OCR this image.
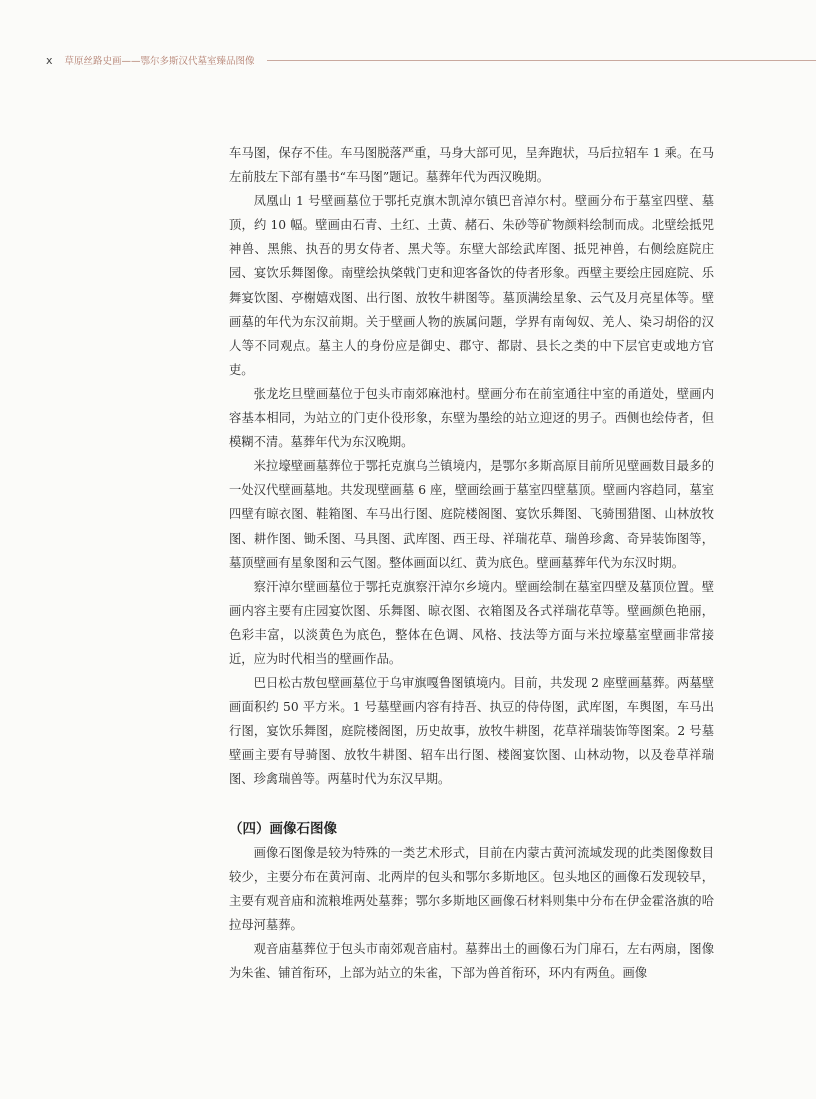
x 草原丝路史画——鄂尔多斯汉代墓室臻品图像

车马图，保存不佳。车马图脱落严重，马身大部可见，呈奔跑状，马后拉轺车 1 乘。在马左前肢左下部有墨书“车马图”题记。墓葬年代为西汉晚期。

凤凰山 1 号壁画墓位于鄂托克旗木凯淖尔镇巴音淖尔村。壁画分布于墓室四壁、墓顶，约 10 幅。壁画由石青、土红、土黄、赭石、朱砂等矿物颜料绘制而成。北壁绘抵兕神兽、黑熊、执吾的男女侍者、黑犬等。东壁大部绘武库图、抵兕神兽，右侧绘庭院庄园、宴饮乐舞图像。南壁绘执棨戟门吏和迎客备饮的侍者形象。西壁主要绘庄园庭院、乐舞宴饮图、亭榭嬉戏图、出行图、放牧牛耕图等。墓顶满绘星象、云气及月亮星体等。壁画墓的年代为东汉前期。关于壁画人物的族属问题，学界有南匈奴、羌人、染习胡俗的汉人等不同观点。墓主人的身份应是御史、郡守、都尉、县长之类的中下层官吏或地方官吏。

张龙圪旦壁画墓位于包头市南郊麻池村。壁画分布在前室通往中室的甬道处，壁画内容基本相同，为站立的门吏仆役形象，东壁为墨绘的站立迎迓的男子。西侧也绘侍者，但模糊不清。墓葬年代为东汉晚期。

米拉壕壁画墓葬位于鄂托克旗乌兰镇境内，是鄂尔多斯高原目前所见壁画数目最多的一处汉代壁画墓地。共发现壁画墓 6 座，壁画绘画于墓室四壁墓顶。壁画内容趋同，墓室四壁有晾衣图、鞋箱图、车马出行图、庭院楼阁图、宴饮乐舞图、飞骑围猎图、山林放牧图、耕作图、锄禾图、马具图、武库图、西王母、祥瑞花草、瑞兽珍禽、奇异装饰图等，墓顶壁画有星象图和云气图。整体画面以红、黄为底色。壁画墓葬年代为东汉时期。

察汗淖尔壁画墓位于鄂托克旗察汗淖尔乡境内。壁画绘制在墓室四壁及墓顶位置。壁画内容主要有庄园宴饮图、乐舞图、晾衣图、衣箱图及各式祥瑞花草等。壁画颜色艳丽，色彩丰富，以淡黄色为底色，整体在色调、风格、技法等方面与米拉壕墓室壁画非常接近，应为时代相当的壁画作品。

巴日松古敖包壁画墓位于乌审旗嘎鲁图镇境内。目前，共发现 2 座壁画墓葬。两墓壁画面积约 50 平方米。1 号墓壁画内容有持吾、执豆的侍侍图，武库图，车舆图，车马出行图，宴饮乐舞图，庭院楼阁图，历史故事，放牧牛耕图，花草祥瑞装饰等图案。2 号墓壁画主要有导骑图、放牧牛耕图、轺车出行图、楼阁宴饮图、山林动物，以及卷草祥瑞图、珍禽瑞兽等。两墓时代为东汉早期。

（四）画像石图像

画像石图像是较为特殊的一类艺术形式，目前在内蒙古黄河流域发现的此类图像数目较少，主要分布在黄河南、北两岸的包头和鄂尔多斯地区。包头地区的画像石发现较早，主要有观音庙和流粮堆两处墓葬；鄂尔多斯地区画像石材料则集中分布在伊金霍洛旗的哈拉母河墓葬。

观音庙墓葬位于包头市南郊观音庙村。墓葬出土的画像石为门扉石，左右两扇，图像为朱雀、铺首衔环，上部为站立的朱雀，下部为兽首衔环，环内有两鱼。画像
